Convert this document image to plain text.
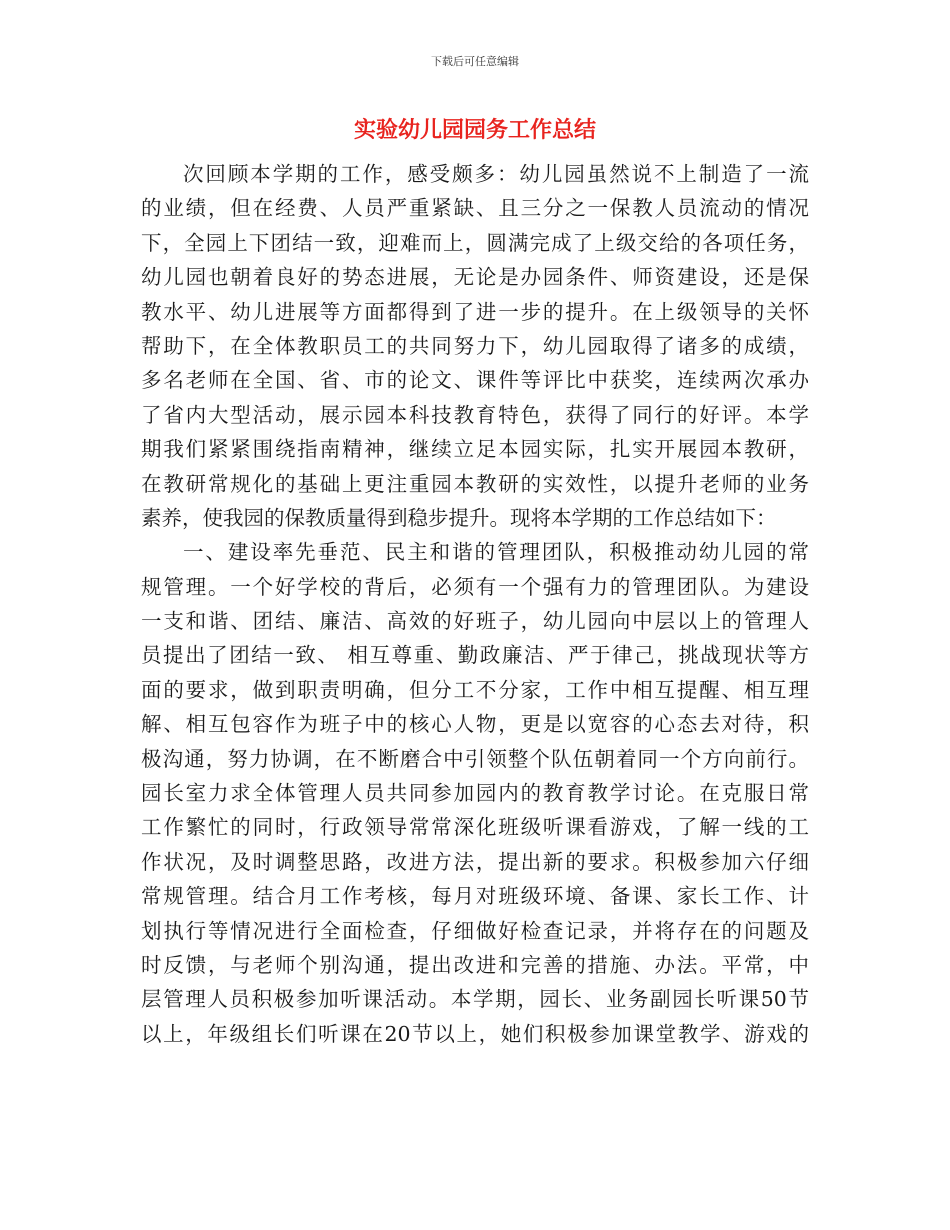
下载后可任意编辑
实验幼儿园园务工作总结
次回顾本学期的工作，感受颇多：幼儿园虽然说不上制造了一流
的业绩，但在经费、人员严重紧缺、且三分之一保教人员流动的情况
下，全园上下团结一致，迎难而上，圆满完成了上级交给的各项任务，
幼儿园也朝着良好的势态进展，无论是办园条件、师资建设，还是保
教水平、幼儿进展等方面都得到了进一步的提升。在上级领导的关怀
帮助下，在全体教职员工的共同努力下，幼儿园取得了诸多的成绩，
多名老师在全国、省、市的论文、课件等评比中获奖，连续两次承办
了省内大型活动，展示园本科技教育特色，获得了同行的好评。本学
期我们紧紧围绕指南精神，继续立足本园实际，扎实开展园本教研，
在教研常规化的基础上更注重园本教研的实效性，以提升老师的业务
素养，使我园的保教质量得到稳步提升。现将本学期的工作总结如下：
一、建设率先垂范、民主和谐的管理团队，积极推动幼儿园的常
规管理。一个好学校的背后，必须有一个强有力的管理团队。为建设
一支和谐、团结、廉洁、高效的好班子，幼儿园向中层以上的管理人
员提出了团结一致、 相互尊重、勤政廉洁、严于律己，挑战现状等方
面的要求，做到职责明确，但分工不分家，工作中相互提醒、相互理
解、相互包容作为班子中的核心人物，更是以宽容的心态去对待，积
极沟通，努力协调，在不断磨合中引领整个队伍朝着同一个方向前行。
园长室力求全体管理人员共同参加园内的教育教学讨论。在克服日常
工作繁忙的同时，行政领导常常深化班级听课看游戏，了解一线的工
作状况，及时调整思路，改进方法，提出新的要求。积极参加六仔细
常规管理。结合月工作考核，每月对班级环境、备课、家长工作、计
划执行等情况进行全面检查，仔细做好检查记录，并将存在的问题及
时反馈，与老师个别沟通，提出改进和完善的措施、办法。平常，中
层管理人员积极参加听课活动。本学期，园长、业务副园长听课50节
以上，年级组长们听课在20节以上，她们积极参加课堂教学、游戏的
